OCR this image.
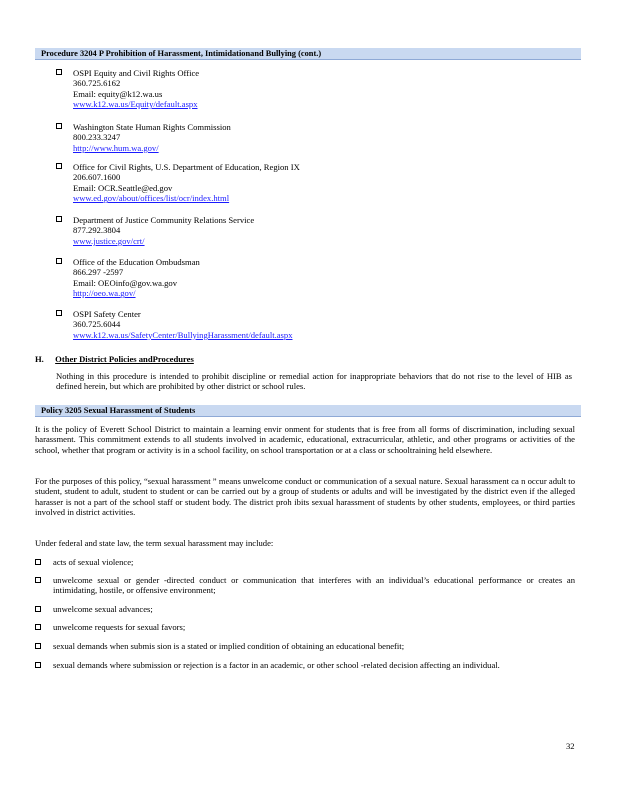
Procedure 3204 P Prohibition of Harassment, Intimidationand Bullying (cont.)
OSPI Equity and Civil Rights Office
360.725.6162
Email: equity@k12.wa.us
www.k12.wa.us/Equity/default.aspx
Washington State Human Rights Commission
800.233.3247
http://www.hum.wa.gov/
Office for Civil Rights, U.S. Department of Education, Region IX
206.607.1600
Email: OCR.Seattle@ed.gov
www.ed.gov/about/offices/list/ocr/index.html
Department of Justice Community Relations Service
877.292.3804
www.justice.gov/crt/
Office of the Education Ombudsman
866.297 -2597
Email: OEOinfo@gov.wa.gov
http://oeo.wa.gov/
OSPI Safety Center
360.725.6044
www.k12.wa.us/SafetyCenter/BullyingHarassment/default.aspx
H. Other District Policies andProcedures
Nothing in this procedure is intended to prohibit discipline or remedial action for inappropriate behaviors that do not rise to the level of HIB as defined herein, but which are prohibited by other district or school rules.
Policy 3205 Sexual Harassment of Students
It is the policy of Everett School District to maintain a learning envir onment for students that is free from all forms of discrimination, including sexual harassment. This commitment extends to all students involved in academic, educational, extracurricular, athletic, and other programs or activities of the school, whether that program or activity is in a school facility, on school transportation or at a class or schooltraining held elsewhere.
For the purposes of this policy, “sexual harassment ” means unwelcome conduct or communication of a sexual nature. Sexual harassment ca n occur adult to student, student to adult, student to student or can be carried out by a group of students or adults and will be investigated by the district even if the alleged harasser is not a part of the school staff or student body. The district proh ibits sexual harassment of students by other students, employees, or third parties involved in district activities.
Under federal and state law, the term sexual harassment may include:
acts of sexual violence;
unwelcome sexual or gender -directed conduct or communication that interferes with an individual’s educational performance or creates an intimidating, hostile, or offensive environment;
unwelcome sexual advances;
unwelcome requests for sexual favors;
sexual demands when submis sion is a stated or implied condition of obtaining an educational benefit;
sexual demands where submission or rejection is a factor in an academic, or other school -related decision affecting an individual.
32
